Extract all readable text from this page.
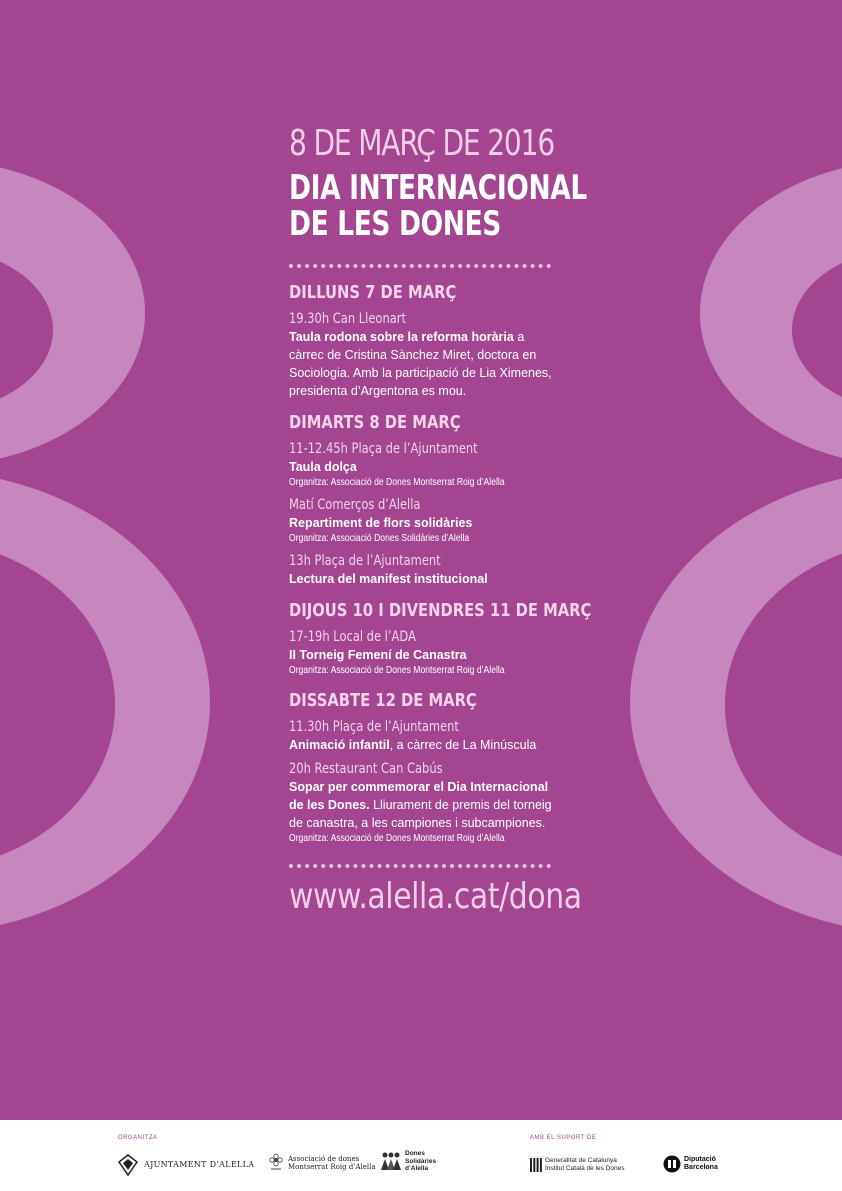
8 DE MARÇ DE 2016
DIA INTERNACIONAL
DE LES DONES
DILLUNS 7 DE MARÇ
19.30h Can Lleonart
Taula rodona sobre la reforma horària a càrrec de Cristina Sànchez Miret, doctora en Sociologia. Amb la participació de Lia Ximenes, presidenta d’Argentona es mou.
DIMARTS 8 DE MARÇ
11-12.45h Plaça de l’Ajuntament
Taula dolça
Organitza: Associació de Dones Montserrat Roig d’Alella
Matí Comerços d’Alella
Repartiment de flors solidàries
Organitza: Associació Dones Solidàries d’Alella
13h Plaça de l’Ajuntament
Lectura del manifest institucional
DIJOUS 10 I DIVENDRES 11 DE MARÇ
17-19h Local de l’ADA
II Torneig Femení de Canastra
Organitza: Associació de Dones Montserrat Roig d’Alella
DISSABTE 12 DE MARÇ
11.30h Plaça de l’Ajuntament
Animació infantil, a càrrec de La Minúscula
20h Restaurant Can Cabús
Sopar per commemorar el Dia Internacional de les Dones. Lliurament de premis del torneig de canastra, a les campiones i subcampiones.
Organitza: Associació de Dones Montserrat Roig d’Alella
www.alella.cat/dona
ORGANITZA	AMB EL SUPORT DE
AJUNTAMENT D’ALELLA
Associació de dones
Montserrat Roig d’Alella
Dones
Solidàries
d’Alella
Generalitat de Catalunya
Institut Català de les Dones
Diputació
Barcelona
